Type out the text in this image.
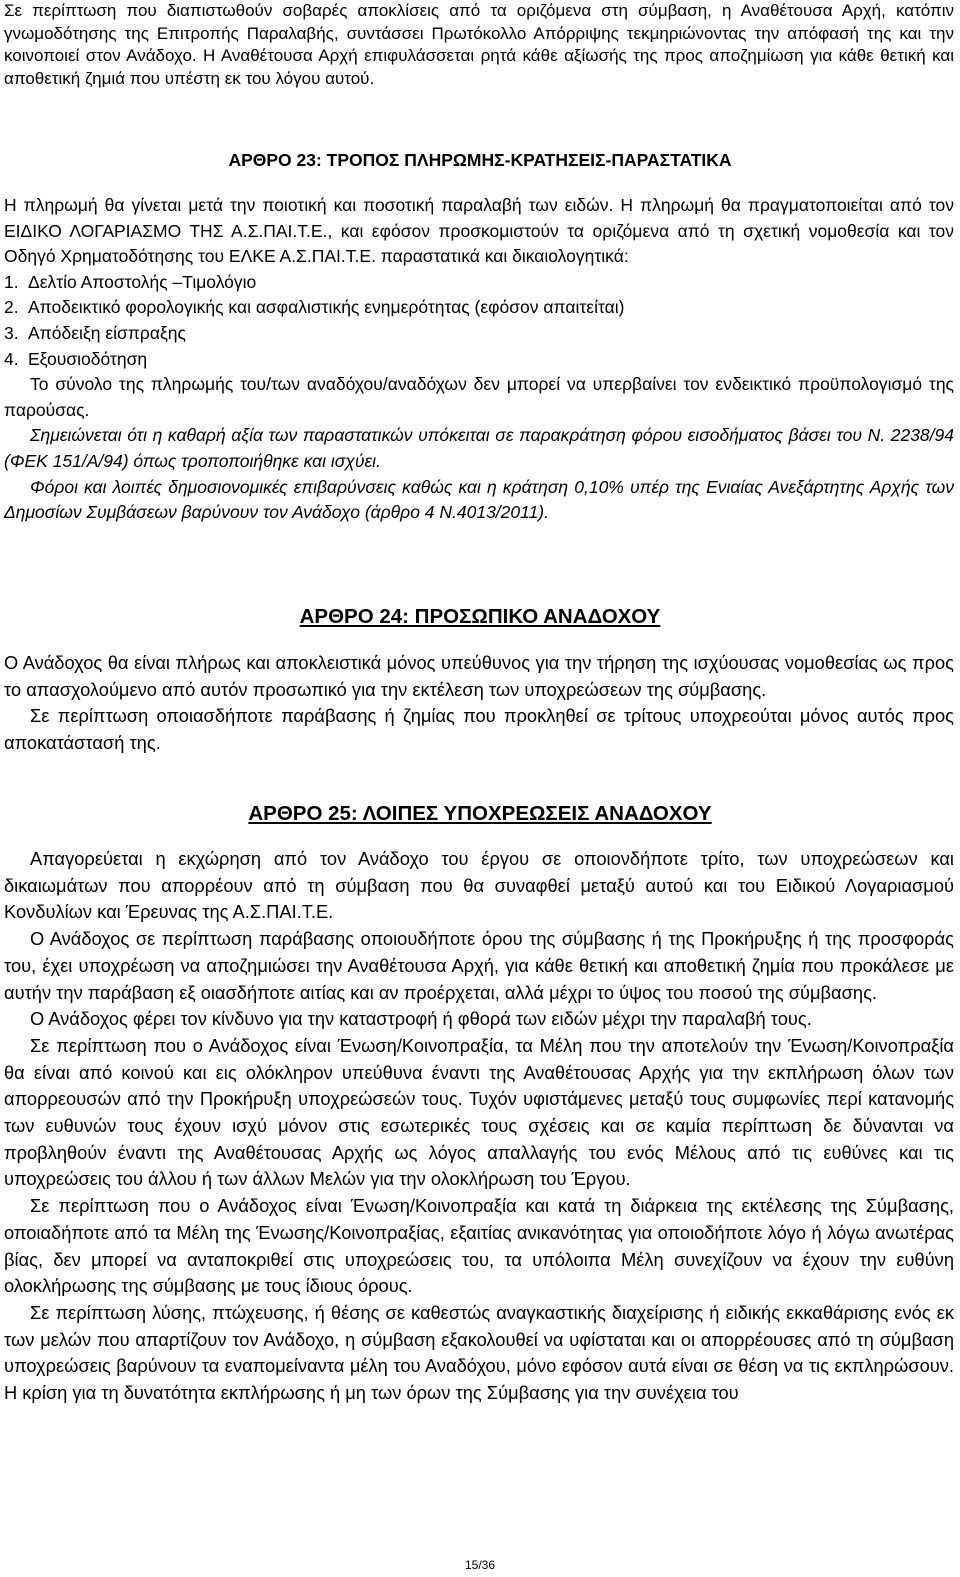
Σε περίπτωση που διαπιστωθούν σοβαρές αποκλίσεις από τα οριζόμενα στη σύμβαση, η Αναθέτουσα Αρχή, κατόπιν γνωμοδότησης της Επιτροπής Παραλαβής, συντάσσει Πρωτόκολλο Απόρριψης τεκμηριώνοντας την απόφασή της και την κοινοποιεί στον Ανάδοχο. Η Αναθέτουσα Αρχή επιφυλάσσεται ρητά κάθε αξίωσής της προς αποζημίωση για κάθε θετική και αποθετική ζημιά που υπέστη εκ του λόγου αυτού.

ΑΡΘΡΟ 23: ΤΡΟΠΟΣ ΠΛΗΡΩΜΗΣ-ΚΡΑΤΗΣΕΙΣ-ΠΑΡΑΣΤΑΤΙΚΑ

Η πληρωμή θα γίνεται μετά την ποιοτική και ποσοτική παραλαβή των ειδών. Η πληρωμή θα πραγματοποιείται από τον ΕΙΔΙΚΟ ΛΟΓΑΡΙΑΣΜΟ ΤΗΣ Α.Σ.ΠΑΙ.Τ.Ε., και εφόσον προσκομιστούν τα οριζόμενα από τη σχετική νομοθεσία και τον Οδηγό Χρηματοδότησης του ΕΛΚΕ Α.Σ.ΠΑΙ.Τ.Ε. παραστατικά και δικαιολογητικά:

1. Δελτίο Αποστολής –Τιμολόγιο

2. Αποδεικτικό φορολογικής και ασφαλιστικής ενημερότητας (εφόσον απαιτείται)

3. Απόδειξη είσπραξης

4. Εξουσιοδότηση

Το σύνολο της πληρωμής του/των αναδόχου/αναδόχων δεν μπορεί να υπερβαίνει τον ενδεικτικό προϋπολογισμό της παρούσας.

Σημειώνεται ότι η καθαρή αξία των παραστατικών υπόκειται σε παρακράτηση φόρου εισοδήματος βάσει του Ν. 2238/94 (ΦΕΚ 151/Α/94) όπως τροποποιήθηκε και ισχύει.

Φόροι και λοιπές δημοσιονομικές επιβαρύνσεις καθώς και η κράτηση 0,10% υπέρ της Ενιαίας Ανεξάρτητης Αρχής των Δημοσίων Συμβάσεων βαρύνουν τον Ανάδοχο (άρθρο 4 Ν.4013/2011).

ΑΡΘΡΟ 24: ΠΡΟΣΩΠΙΚΟ ΑΝΑΔΟΧΟΥ

Ο Ανάδοχος θα είναι πλήρως και αποκλειστικά μόνος υπεύθυνος για την τήρηση της ισχύουσας νομοθεσίας ως προς το απασχολούμενο από αυτόν προσωπικό για την εκτέλεση των υποχρεώσεων της σύμβασης.

Σε περίπτωση οποιασδήποτε παράβασης ή ζημίας που προκληθεί σε τρίτους υποχρεούται μόνος αυτός προς αποκατάστασή της.

ΑΡΘΡΟ 25: ΛΟΙΠΕΣ ΥΠΟΧΡΕΩΣΕΙΣ ΑΝΑΔΟΧΟΥ

Απαγορεύεται η εκχώρηση από τον Ανάδοχο του έργου σε οποιονδήποτε τρίτο, των υποχρεώσεων και δικαιωμάτων που απορρέουν από τη σύμβαση που θα συναφθεί μεταξύ αυτού και του Ειδικού Λογαριασμού Κονδυλίων και Έρευνας της Α.Σ.ΠΑΙ.Τ.Ε.

Ο Ανάδοχος σε περίπτωση παράβασης οποιουδήποτε όρου της σύμβασης ή της Προκήρυξης ή της προσφοράς του, έχει υποχρέωση να αποζημιώσει την Αναθέτουσα Αρχή, για κάθε θετική και αποθετική ζημία που προκάλεσε με αυτήν την παράβαση εξ οιασδήποτε αιτίας και αν προέρχεται, αλλά μέχρι το ύψος του ποσού της σύμβασης.

Ο Ανάδοχος φέρει τον κίνδυνο για την καταστροφή ή φθορά των ειδών μέχρι την παραλαβή τους.

Σε περίπτωση που ο Ανάδοχος είναι Ένωση/Κοινοπραξία, τα Μέλη που την αποτελούν την Ένωση/Κοινοπραξία θα είναι από κοινού και εις ολόκληρον υπεύθυνα έναντι της Αναθέτουσας Αρχής για την εκπλήρωση όλων των απορρεουσών από την Προκήρυξη υποχρεώσεών τους. Τυχόν υφιστάμενες μεταξύ τους συμφωνίες περί κατανομής των ευθυνών τους έχουν ισχύ μόνον στις εσωτερικές τους σχέσεις και σε καμία περίπτωση δε δύνανται να προβληθούν έναντι της Αναθέτουσας Αρχής ως λόγος απαλλαγής του ενός Μέλους από τις ευθύνες και τις υποχρεώσεις του άλλου ή των άλλων Μελών για την ολοκλήρωση του Έργου.

Σε περίπτωση που ο Ανάδοχος είναι Ένωση/Κοινοπραξία και κατά τη διάρκεια της εκτέλεσης της Σύμβασης, οποιαδήποτε από τα Μέλη της Ένωσης/Κοινοπραξίας, εξαιτίας ανικανότητας για οποιοδήποτε λόγο ή λόγω ανωτέρας βίας, δεν μπορεί να ανταποκριθεί στις υποχρεώσεις του, τα υπόλοιπα Μέλη συνεχίζουν να έχουν την ευθύνη ολοκλήρωσης της σύμβασης με τους ίδιους όρους.

Σε περίπτωση λύσης, πτώχευσης, ή θέσης σε καθεστώς αναγκαστικής διαχείρισης ή ειδικής εκκαθάρισης ενός εκ των μελών που απαρτίζουν τον Ανάδοχο, η σύμβαση εξακολουθεί να υφίσταται και οι απορρέουσες από τη σύμβαση υποχρεώσεις βαρύνουν τα εναπομείναντα μέλη του Αναδόχου, μόνο εφόσον αυτά είναι σε θέση να τις εκπληρώσουν. Η κρίση για τη δυνατότητα εκπλήρωσης ή μη των όρων της Σύμβασης για την συνέχεια του

15/36
